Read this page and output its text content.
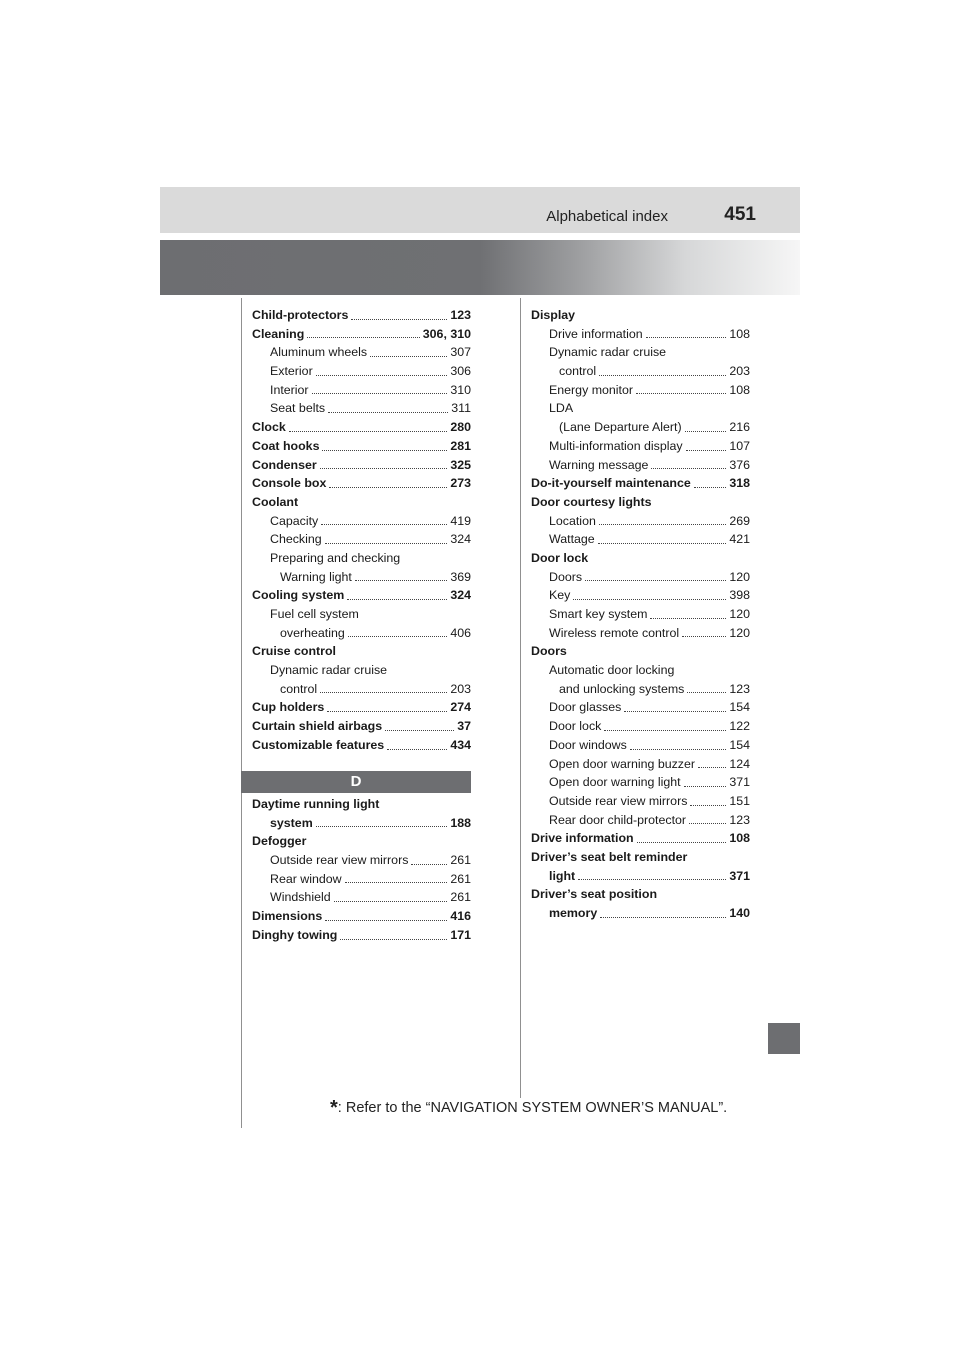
Alphabetical index	451
Child-protectors	123
Cleaning	306, 310
Aluminum wheels	307
Exterior	306
Interior	310
Seat belts	311
Clock	280
Coat hooks	281
Condenser	325
Console box	273
Coolant
Capacity	419
Checking	324
Preparing and checking
Warning light	369
Cooling system	324
Fuel cell system
overheating	406
Cruise control
Dynamic radar cruise
control	203
Cup holders	274
Curtain shield airbags	37
Customizable features	434
D
Daytime running light
system	188
Defogger
Outside rear view mirrors	261
Rear window	261
Windshield	261
Dimensions	416
Dinghy towing	171
Display
Drive information	108
Dynamic radar cruise
control	203
Energy monitor	108
LDA
(Lane Departure Alert)	216
Multi-information display	107
Warning message	376
Do-it-yourself maintenance	318
Door courtesy lights
Location	269
Wattage	421
Door lock
Doors	120
Key	398
Smart key system	120
Wireless remote control	120
Doors
Automatic door locking
and unlocking systems	123
Door glasses	154
Door lock	122
Door windows	154
Open door warning buzzer	124
Open door warning light	371
Outside rear view mirrors	151
Rear door child-protector	123
Drive information	108
Driver’s seat belt reminder
light	371
Driver’s seat position
memory	140
*: Refer to the “NAVIGATION SYSTEM OWNER’S MANUAL”.
